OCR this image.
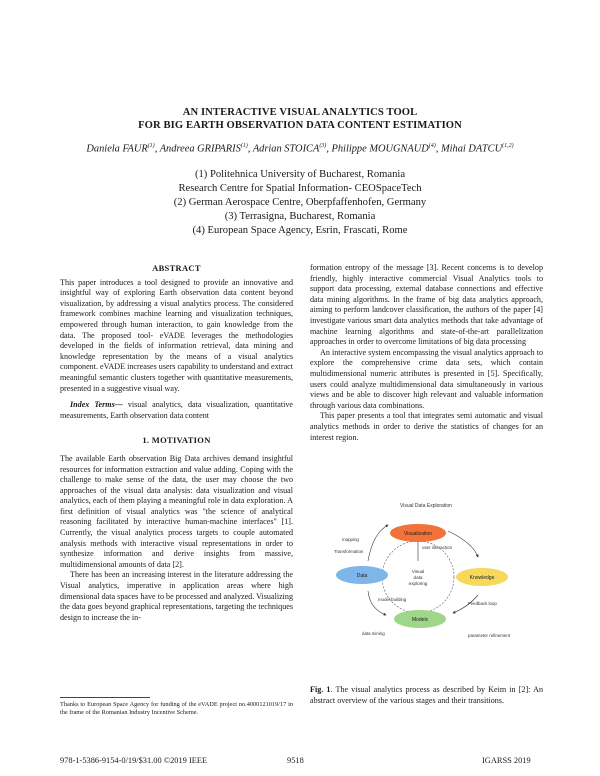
AN INTERACTIVE VISUAL ANALYTICS TOOL
FOR BIG EARTH OBSERVATION DATA CONTENT ESTIMATION
Daniela FAUR$^{(1)}$, Andreea GRIPARIS$^{(1)}$, Adrian STOICA$^{(3)}$, Philippe MOUGNAUD$^{(4)}$, Mihai DATCU$^{(1,2)}$
(1) Politehnica University of Bucharest, Romania
Research Centre for Spatial Information- CEOSpaceTech
(2) German Aerospace Centre, Oberpfaffenhofen, Germany
(3) Terrasigna, Bucharest, Romania
(4) European Space Agency, Esrin, Frascati, Rome
ABSTRACT

This paper introduces a tool designed to provide an innovative and insightful way of exploring Earth observation data content beyond visualization, by addressing a visual analytics process. The considered framework combines machine learning and visualization techniques, empowered through human interaction, to gain knowledge from the data. The proposed tool- eVADE leverages the methodologies developed in the fields of information retrieval, data mining and knowledge representation by the means of a visual analytics component. eVADE increases users capability to understand and extract meaningful semantic clusters together with quantitative measurements, presented in a suggestive visual way.

Index Terms— visual analytics, data visualization, quantitative measurements, Earth observation data content

1. MOTIVATION

The available Earth observation Big Data archives demand insightful resources for information extraction and value adding. Coping with the challenge to make sense of the data, the user may choose the two approaches of the visual data analysis: data visualization and visual analytics, each of them playing a meaningful role in data exploration. A first definition of visual analytics was "the science of analytical reasoning facilitated by interactive human-machine interfaces" [1]. Currently, the visual analytics process targets to couple automated analysis methods with interactive visual representations in order to synthesize information and derive insights from massive, multidimensional amounts of data [2].

There has been an increasing interest in the literature addressing the Visual analytics, imperative in application areas where high dimensional data spaces have to be processed and analyzed. Visualizing the data goes beyond graphical representations, targeting the techniques design to increase the in-

Thanks to European Space Agency for funding of the eVADE project no.4000121019/17 in the frame of the Romanian Industry Incentive Scheme.

formation entropy of the message [3]. Recent concerns is to develop friendly, highly interactive commercial Visual Analytics tools to support data processing, external database connections and effective data mining algorithms. In the frame of big data analytics approach, aiming to perform landcover classification, the authors of the paper [4] investigate various smart data analytics methods that take advantage of machine learning algorithms and state-of-the-art parallelization approaches in order to overcome limitations of big data processing

An interactive system encompassing the visual analytics approach to explore the comprehensive crime data sets, which contain multidimensional numeric attributes is presented in [5]. Specifically, users could analyze multidimensional data simultaneously in various views and be able to discover high relevant and valuable information through various data combinations.

This paper presents a tool that integrates semi automatic and visual analytics methods in order to derive the statistics of changes for an interest region.

Visual Data Exploration
Visual
data
exploring
mapping
Transformation
model building
data mining
user interaction
parameter refinement
Feedback loop
Visualization
Data	Knowledge
Models
Fig. 1. The visual analytics process as described by Keim in [2]: An abstract overview of the various stages and their transitions.
978-1-5386-9154-0/19/$31.00 ©2019 IEEE	9518	IGARSS 2019
